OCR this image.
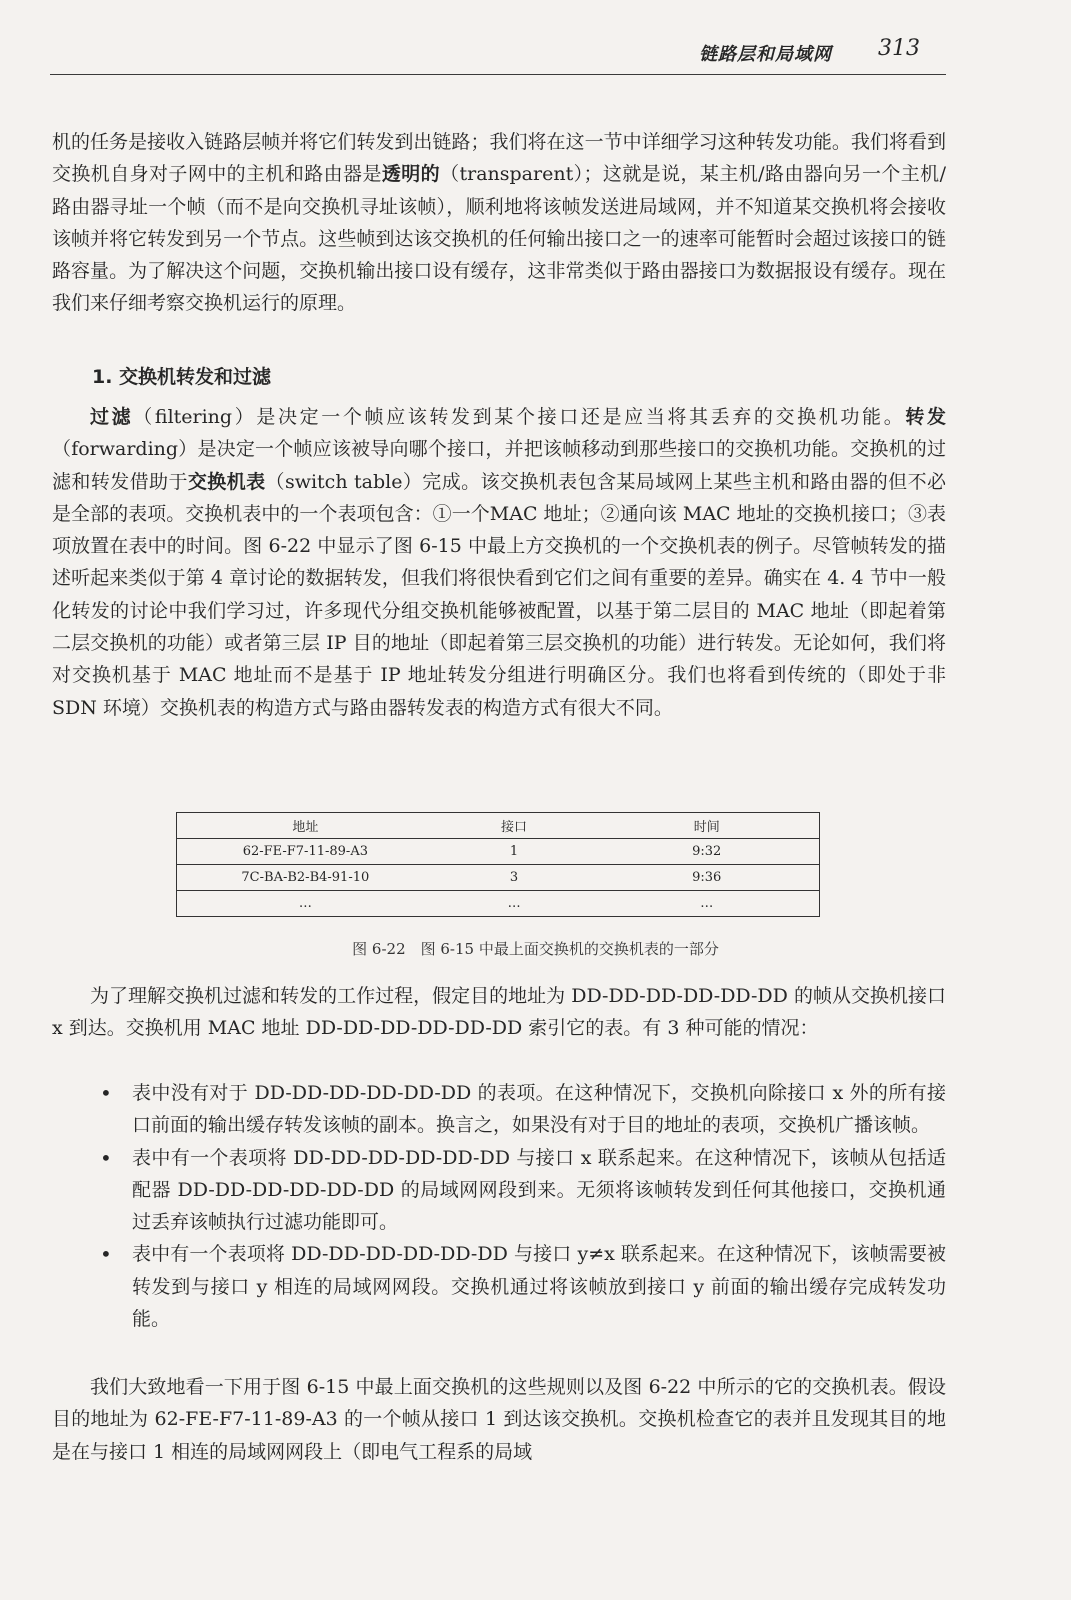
链路层和局域网 313

机的任务是接收入链路层帧并将它们转发到出链路；我们将在这一节中详细学习这种转发功能。我们将看到交换机自身对子网中的主机和路由器是透明的（transparent）；这就是说，某主机/路由器向另一个主机/路由器寻址一个帧（而不是向交换机寻址该帧），顺利地将该帧发送进局域网，并不知道某交换机将会接收该帧并将它转发到另一个节点。这些帧到达该交换机的任何输出接口之一的速率可能暂时会超过该接口的链路容量。为了解决这个问题，交换机输出接口设有缓存，这非常类似于路由器接口为数据报设有缓存。现在我们来仔细考察交换机运行的原理。

1. 交换机转发和过滤

过滤（filtering）是决定一个帧应该转发到某个接口还是应当将其丢弃的交换机功能。转发（forwarding）是决定一个帧应该被导向哪个接口，并把该帧移动到那些接口的交换机功能。交换机的过滤和转发借助于交换机表（switch table）完成。该交换机表包含某局域网上某些主机和路由器的但不必是全部的表项。交换机表中的一个表项包含：①一个MAC 地址；②通向该 MAC 地址的交换机接口；③表项放置在表中的时间。图 6-22 中显示了图 6-15 中最上方交换机的一个交换机表的例子。尽管帧转发的描述听起来类似于第 4 章讨论的数据转发，但我们将很快看到它们之间有重要的差异。确实在 4. 4 节中一般化转发的讨论中我们学习过，许多现代分组交换机能够被配置，以基于第二层目的 MAC 地址（即起着第二层交换机的功能）或者第三层 IP 目的地址（即起着第三层交换机的功能）进行转发。无论如何，我们将对交换机基于 MAC 地址而不是基于 IP 地址转发分组进行明确区分。我们也将看到传统的（即处于非 SDN 环境）交换机表的构造方式与路由器转发表的构造方式有很大不同。

地址	接口	时间
62-FE-F7-11-89-A3	1	9:32
7C-BA-B2-B4-91-10	3	9:36
…	…	…
图 6-22　图 6-15 中最上面交换机的交换机表的一部分

为了理解交换机过滤和转发的工作过程，假定目的地址为 DD-DD-DD-DD-DD-DD 的帧从交换机接口 x 到达。交换机用 MAC 地址 DD-DD-DD-DD-DD-DD 索引它的表。有 3 种可能的情况：

• 表中没有对于 DD-DD-DD-DD-DD-DD 的表项。在这种情况下，交换机向除接口 x 外的所有接口前面的输出缓存转发该帧的副本。换言之，如果没有对于目的地址的表项，交换机广播该帧。
• 表中有一个表项将 DD-DD-DD-DD-DD-DD 与接口 x 联系起来。在这种情况下，该帧从包括适配器 DD-DD-DD-DD-DD-DD 的局域网网段到来。无须将该帧转发到任何其他接口，交换机通过丢弃该帧执行过滤功能即可。
• 表中有一个表项将 DD-DD-DD-DD-DD-DD 与接口 y≠x 联系起来。在这种情况下，该帧需要被转发到与接口 y 相连的局域网网段。交换机通过将该帧放到接口 y 前面的输出缓存完成转发功能。

我们大致地看一下用于图 6-15 中最上面交换机的这些规则以及图 6-22 中所示的它的交换机表。假设目的地址为 62-FE-F7-11-89-A3 的一个帧从接口 1 到达该交换机。交换机检查它的表并且发现其目的地是在与接口 1 相连的局域网网段上（即电气工程系的局域
